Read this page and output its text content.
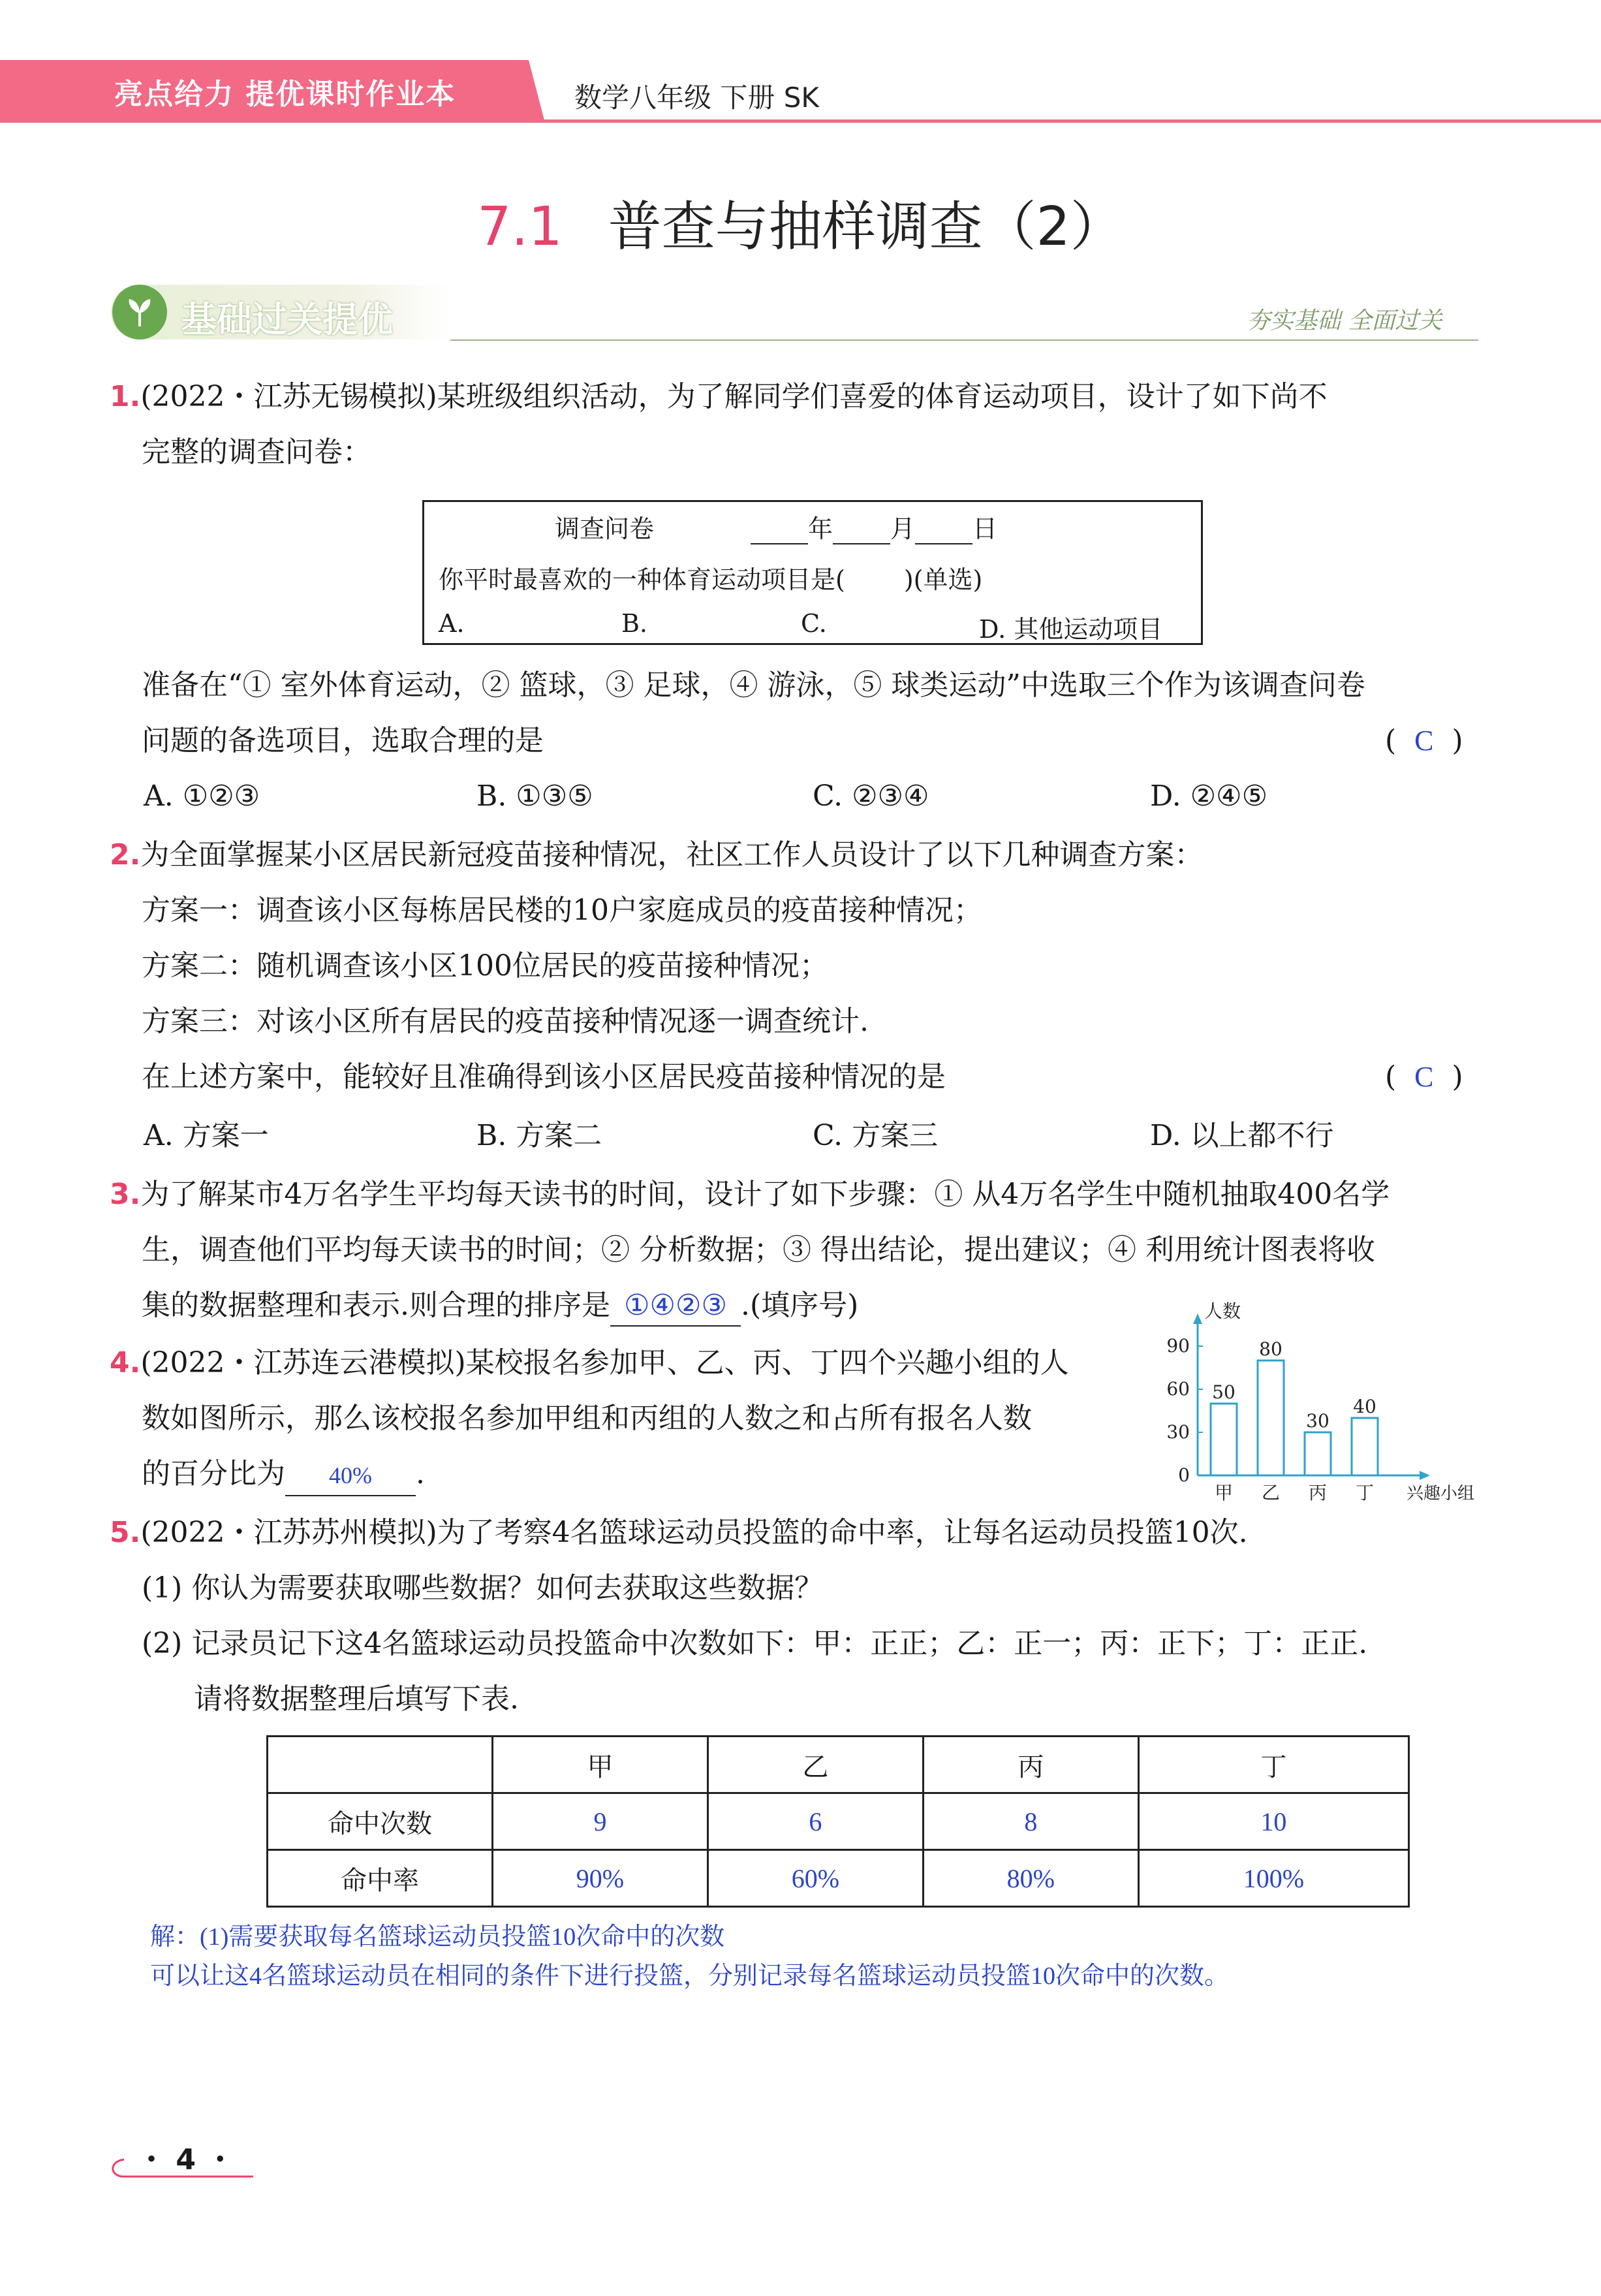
亮点给力 提优课时作业本	数学八年级 下册 SK
7.1 普查与抽样调查（2）
基础过关提优	夯实基础 全面过关
1.(2022・江苏无锡模拟)某班级组织活动，为了解同学们喜爱的体育运动项目，设计了如下尚不
完整的调查问卷：
调查问卷	年 月 日
你平时最喜欢的一种体育运动项目是( )(单选)
A.	B.	C.	D. 其他运动项目
准备在“① 室外体育运动，② 篮球，③ 足球，④ 游泳，⑤ 球类运动”中选取三个作为该调查问卷
问题的备选项目，选取合理的是	(  C  )
A. ①②③	B. ①③⑤	C. ②③④	D. ②④⑤
2.为全面掌握某小区居民新冠疫苗接种情况，社区工作人员设计了以下几种调查方案：
方案一：调查该小区每栋居民楼的10户家庭成员的疫苗接种情况；
方案二：随机调查该小区100位居民的疫苗接种情况；
方案三：对该小区所有居民的疫苗接种情况逐一调查统计.
在上述方案中，能较好且准确得到该小区居民疫苗接种情况的是	(  C  )
A. 方案一	B. 方案二	C. 方案三	D. 以上都不行
3.为了解某市4万名学生平均每天读书的时间，设计了如下步骤：① 从4万名学生中随机抽取400名学
生，调查他们平均每天读书的时间；② 分析数据；③ 得出结论，提出建议；④ 利用统计图表将收
集的数据整理和表示.则合理的排序是 ①④②③ .(填序号)
4.(2022・江苏连云港模拟)某校报名参加甲、乙、丙、丁四个兴趣小组的人
数如图所示，那么该校报名参加甲组和丙组的人数之和占所有报名人数
的百分比为 40% .
人数
0
30
60
90
50
甲
80
乙
30
丙
40
丁 兴趣小组
5.(2022・江苏苏州模拟)为了考察4名篮球运动员投篮的命中率，让每名运动员投篮10次.
(1) 你认为需要获取哪些数据？如何去获取这些数据？
(2) 记录员记下这4名篮球运动员投篮命中次数如下：甲：正正；乙：正一；丙：正下；丁：正正.
请将数据整理后填写下表.
	甲	乙	丙	丁
命中次数	9	6	8	10
命中率	90%	60%	80%	100%
解：(1)需要获取每名篮球运动员投篮10次命中的次数
可以让这4名篮球运动员在相同的条件下进行投篮，分别记录每名篮球运动员投篮10次命中的次数。
・ 4 ・
